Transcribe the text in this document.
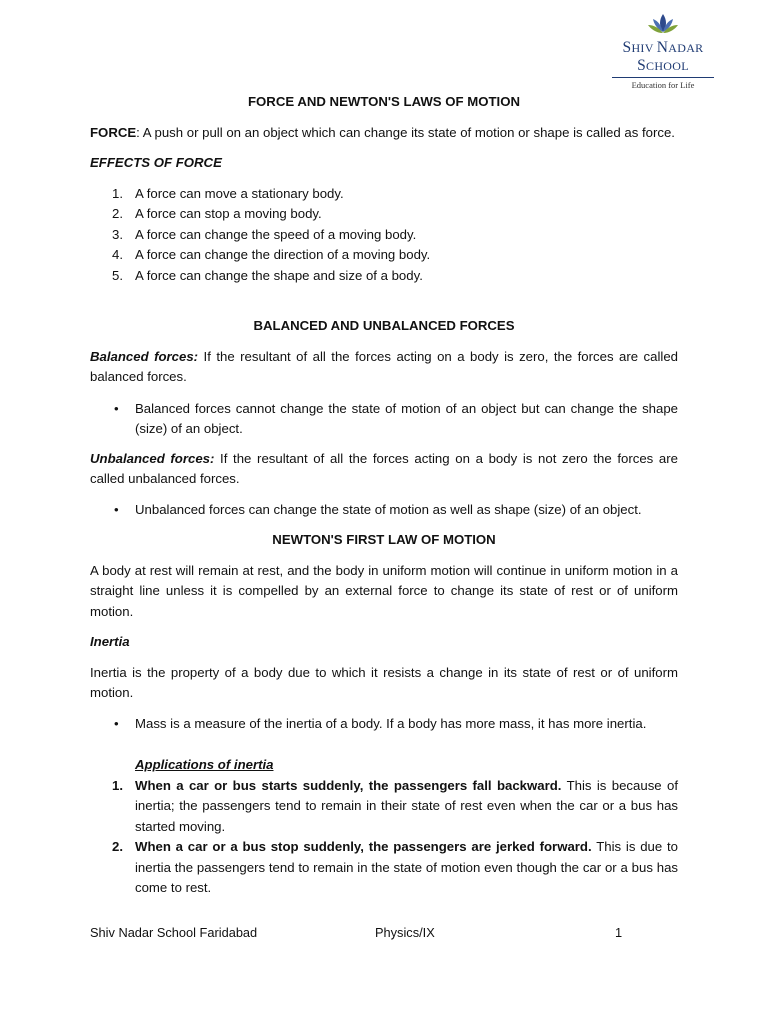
SHIV NADAR SCHOOL
Education for Life

FORCE AND NEWTON'S LAWS OF MOTION

FORCE: A push or pull on an object which can change its state of motion or shape is called as force.

EFFECTS OF FORCE

1. A force can move a stationary body.
2. A force can stop a moving body.
3. A force can change the speed of a moving body.
4. A force can change the direction of a moving body.
5. A force can change the shape and size of a body.

BALANCED AND UNBALANCED FORCES

Balanced forces: If the resultant of all the forces acting on a body is zero, the forces are called balanced forces.

• Balanced forces cannot change the state of motion of an object but can change the shape (size) of an object.

Unbalanced forces: If the resultant of all the forces acting on a body is not zero the forces are called unbalanced forces.

• Unbalanced forces can change the state of motion as well as shape (size) of an object.

NEWTON'S FIRST LAW OF MOTION

A body at rest will remain at rest, and the body in uniform motion will continue in uniform motion in a straight line unless it is compelled by an external force to change its state of rest or of uniform motion.

Inertia

Inertia is the property of a body due to which it resists a change in its state of rest or of uniform motion.

• Mass is a measure of the inertia of a body. If a body has more mass, it has more inertia.

Applications of inertia

1. When a car or bus starts suddenly, the passengers fall backward. This is because of inertia; the passengers tend to remain in their state of rest even when the car or a bus has started moving.
2. When a car or a bus stop suddenly, the passengers are jerked forward. This is due to inertia the passengers tend to remain in the state of motion even though the car or a bus has come to rest.
Shiv Nadar School Faridabad	Physics/IX	1
